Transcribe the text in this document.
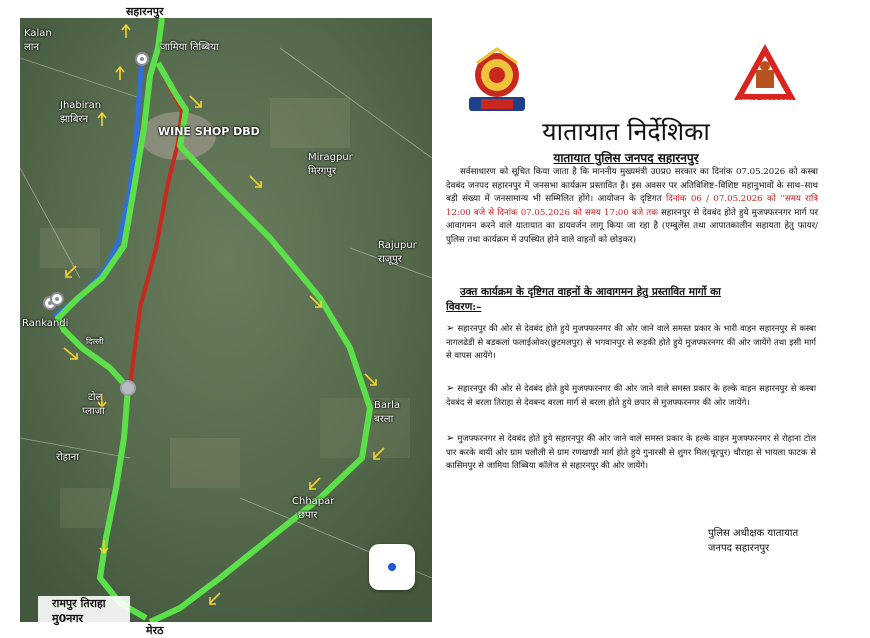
Kalan
लान	जामिया तिब्बिया
Jhabiran
झाबिरन
WINE SHOP DBD
Miragpur
मिरगपुर
Rajupur
राजूपुर
Rankandi
दिल्ली
टोल
प्लाजा
Barla
बरला
रोहाना
Chhapar
छपार
सहारनपुर
रामपुर तिराहा
मु0नगर
मेरठ
UTTAR PRADESH
यातायात निर्देशिका
यातायात पुलिस जनपद सहारनपुर
सर्वसाधारण को सूचित किया जाता है कि माननीय मुख्यमंत्री उ0प्र0 सरकार का दिनांक 07.05.2026 को कस्बा देवबंद जनपद सहारनपुर में जनसभा कार्यक्रम प्रस्तावित है। इस अवसर पर अतिविशिष्ट–विशिष्ट महानुभावों के साथ–साथ बड़ी संख्या में जनसामान्य भी सम्मिलित होंगे। आयोजन के दृष्टिगत दिनांक 06 / 07.05.2026 को ''समय रात्रि 12:00 बजे से दिनांक 07.05.2026 को समय 17:00 बजे तक सहारनपुर से देवबंद होते हुये मुजफ्फरनगर मार्ग पर आवागमन करने वाले यातायात का डायवर्जन लागू किया जा रहा है (एम्बुलेंस तथा आपातकालीन सहायता हेतु फायर/पुलिस तथा कार्यक्रम में उपस्थित होने वाले वाहनों को छोड़कर)
उक्त कार्यक्रम के दृष्टिगत वाहनों के आवागमन हेतु प्रस्तावित मार्गो का
विवरण:–
➢ सहारनपुर की ओर से देवबंद होते हुये मुजफ्फरनगर की ओर जाने वाले समस्त प्रकार के भारी वाहन सहारनपुर से कस्बा नागलढेडी से बडकलां फलाईओवर(छुटमलपुर) से भगवानपुर से रूड़की होते हुये मुजफ्फरनगर की ओर जायेंगे तथा इसी मार्ग से वापस आयेंगे।
➢ सहारनपुर की ओर से देवबंद होते हुये मुजफ्फरनगर की ओर जाने वाले समस्त प्रकार के हल्के वाहन सहारनपुर से कस्बा देवबंद से बरला तिराहा से देवबन्द बरला मार्ग से बरला होते हुये छपार से मुजफ्फरनगर की ओर जायेंगे।
➢ मुजफ्फरनगर से देवबंद होते हुये सहारनपुर की ओर जाने वाले समस्त प्रकार के हल्के वाहन मुजफ्फरनगर से रोहाना टोल पार करके बायीं ओर ग्राम घलौली से ग्राम रणखण्डी मार्ग होते हुये गुनारसी से शुगर मिल(चूरपुर) चौराहा से भायला फाटक से कासिमपुर से जामिया तिब्बिया कॉलेज से सहारनपुर की ओर जायेंगे।
पुलिस अधीक्षक यातायात
जनपद सहारनपुर
